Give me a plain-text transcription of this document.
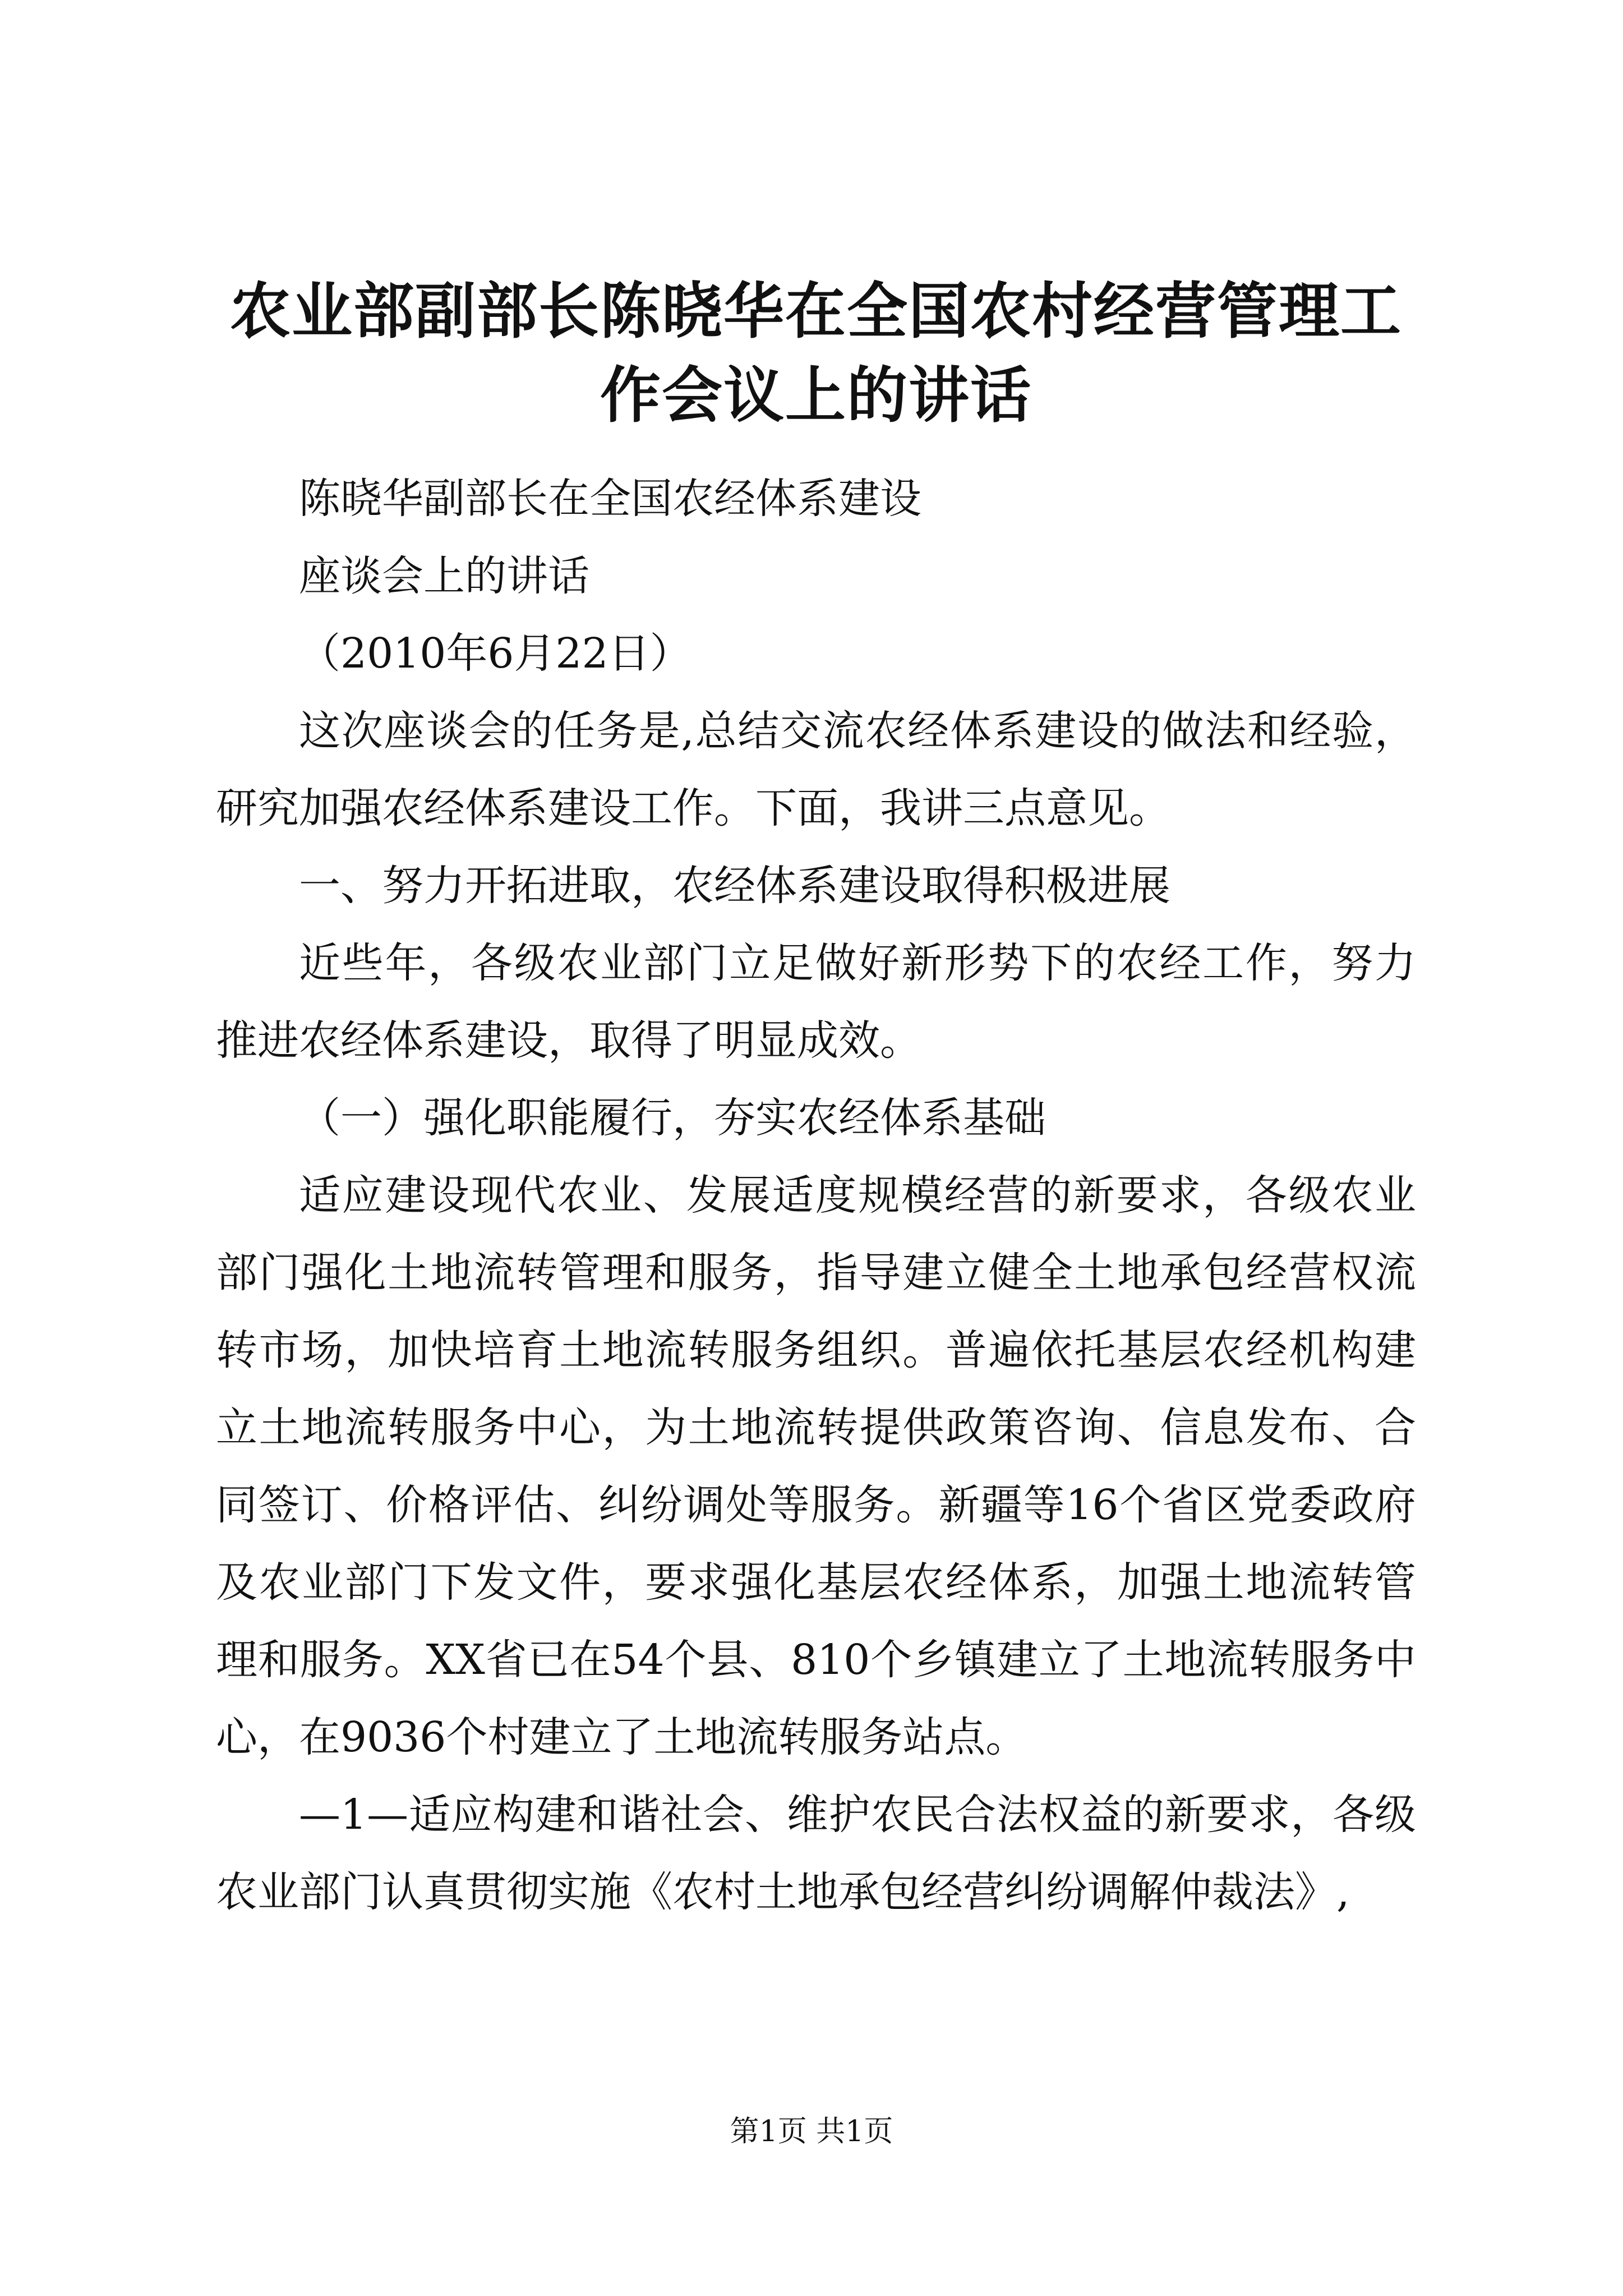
农业部副部长陈晓华在全国农村经营管理工作会议上的讲话

陈晓华副部长在全国农经体系建设

座谈会上的讲话

（2010年6月22日）

这次座谈会的任务是,总结交流农经体系建设的做法和经验，研究加强农经体系建设工作。下面，我讲三点意见。

一、努力开拓进取，农经体系建设取得积极进展

近些年，各级农业部门立足做好新形势下的农经工作，努力推进农经体系建设，取得了明显成效。

（一）强化职能履行，夯实农经体系基础

适应建设现代农业、发展适度规模经营的新要求，各级农业部门强化土地流转管理和服务，指导建立健全土地承包经营权流转市场，加快培育土地流转服务组织。普遍依托基层农经机构建立土地流转服务中心，为土地流转提供政策咨询、信息发布、合同签订、价格评估、纠纷调处等服务。新疆等16个省区党委政府及农业部门下发文件，要求强化基层农经体系，加强土地流转管理和服务。XX省已在54个县、810个乡镇建立了土地流转服务中心，在9036个村建立了土地流转服务站点。

—1—适应构建和谐社会、维护农民合法权益的新要求，各级农业部门认真贯彻实施《农村土地承包经营纠纷调解仲裁法》,

第1页 共1页
